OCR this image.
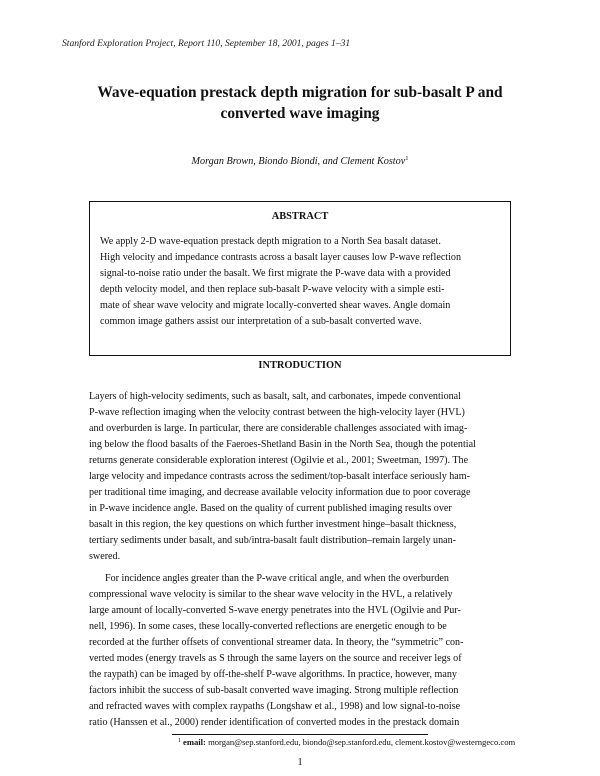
Stanford Exploration Project, Report 110, September 18, 2001, pages 1–31
Wave-equation prestack depth migration for sub-basalt P and
converted wave imaging
Morgan Brown, Biondo Biondi, and Clement Kostov$^1$
ABSTRACT
We apply 2-D wave-equation prestack depth migration to a North Sea basalt dataset.
High velocity and impedance contrasts across a basalt layer causes low P-wave reflection
signal-to-noise ratio under the basalt. We first migrate the P-wave data with a provided
depth velocity model, and then replace sub-basalt P-wave velocity with a simple esti-
mate of shear wave velocity and migrate locally-converted shear waves. Angle domain
common image gathers assist our interpretation of a sub-basalt converted wave.
INTRODUCTION
Layers of high-velocity sediments, such as basalt, salt, and carbonates, impede conventional
P-wave reflection imaging when the velocity contrast between the high-velocity layer (HVL)
and overburden is large. In particular, there are considerable challenges associated with imag-
ing below the flood basalts of the Faeroes-Shetland Basin in the North Sea, though the potential
returns generate considerable exploration interest (Ogilvie et al., 2001; Sweetman, 1997). The
large velocity and impedance contrasts across the sediment/top-basalt interface seriously ham-
per traditional time imaging, and decrease available velocity information due to poor coverage
in P-wave incidence angle. Based on the quality of current published imaging results over
basalt in this region, the key questions on which further investment hinge–basalt thickness,
tertiary sediments under basalt, and sub/intra-basalt fault distribution–remain largely unan-
swered.
For incidence angles greater than the P-wave critical angle, and when the overburden
compressional wave velocity is similar to the shear wave velocity in the HVL, a relatively
large amount of locally-converted S-wave energy penetrates into the HVL (Ogilvie and Pur-
nell, 1996). In some cases, these locally-converted reflections are energetic enough to be
recorded at the further offsets of conventional streamer data. In theory, the “symmetric” con-
verted modes (energy travels as S through the same layers on the source and receiver legs of
the raypath) can be imaged by off-the-shelf P-wave algorithms. In practice, however, many
factors inhibit the success of sub-basalt converted wave imaging. Strong multiple reflection
and refracted waves with complex raypaths (Longshaw et al., 1998) and low signal-to-noise
ratio (Hanssen et al., 2000) render identification of converted modes in the prestack domain
$^1$ email: morgan@sep.stanford.edu, biondo@sep.stanford.edu, clement.kostov@westerngeco.com
1
